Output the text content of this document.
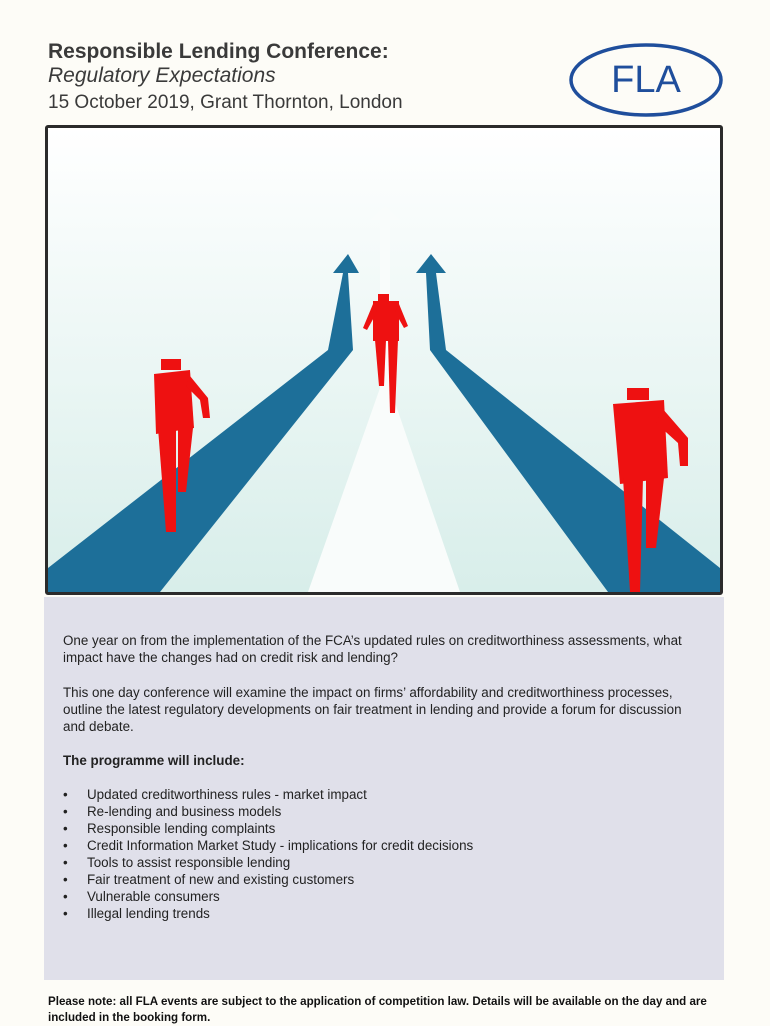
Responsible Lending Conference:
Regulatory Expectations
15 October 2019, Grant Thornton, London
FLA

One year on from the implementation of the FCA’s updated rules on creditworthiness assessments, what impact have the changes had on credit risk and lending?

This one day conference will examine the impact on firms’ affordability and creditworthiness processes, outline the latest regulatory developments on fair treatment in lending and provide a forum for discussion and debate.

The programme will include:

• Updated creditworthiness rules - market impact
• Re-lending and business models
• Responsible lending complaints
• Credit Information Market Study - implications for credit decisions
• Tools to assist responsible lending
• Fair treatment of new and existing customers
• Vulnerable consumers
• Illegal lending trends

Please note: all FLA events are subject to the application of competition law. Details will be available on the day and are included in the booking form.
